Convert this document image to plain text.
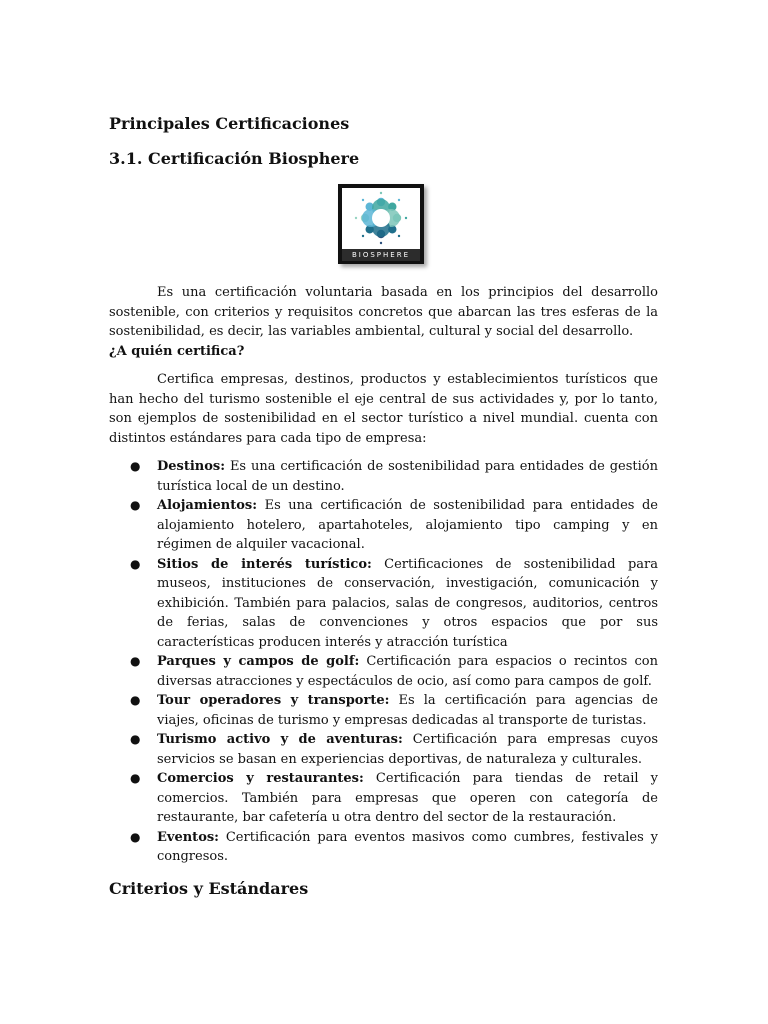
Principales Certificaciones

3.1. Certificación Biosphere

BIOSPHERE

Es una certificación voluntaria basada en los principios del desarrollo sostenible, con criterios y requisitos concretos que abarcan las tres esferas de la sostenibilidad, es decir, las variables ambiental, cultural y social del desarrollo.

¿A quién certifica?

Certifica empresas, destinos, productos y establecimientos turísticos que han hecho del turismo sostenible el eje central de sus actividades y, por lo tanto, son ejemplos de sostenibilidad en el sector turístico a nivel mundial. cuenta con distintos estándares para cada tipo de empresa:

● Destinos: Es una certificación de sostenibilidad para entidades de gestión turística local de un destino.
● Alojamientos: Es una certificación de sostenibilidad para entidades de alojamiento hotelero, apartahoteles, alojamiento tipo camping y en régimen de alquiler vacacional.
● Sitios de interés turístico: Certificaciones de sostenibilidad para museos, instituciones de conservación, investigación, comunicación y exhibición. También para palacios, salas de congresos, auditorios, centros de ferias, salas de convenciones y otros espacios que por sus características producen interés y atracción turística
● Parques y campos de golf: Certificación para espacios o recintos con diversas atracciones y espectáculos de ocio, así como para campos de golf.
● Tour operadores y transporte: Es la certificación para agencias de viajes, oficinas de turismo y empresas dedicadas al transporte de turistas.
● Turismo activo y de aventuras: Certificación para empresas cuyos servicios se basan en experiencias deportivas, de naturaleza y culturales.
● Comercios y restaurantes: Certificación para tiendas de retail y comercios. También para empresas que operen con categoría de restaurante, bar cafetería u otra dentro del sector de la restauración.
● Eventos: Certificación para eventos masivos como cumbres, festivales y congresos.

Criterios y Estándares
